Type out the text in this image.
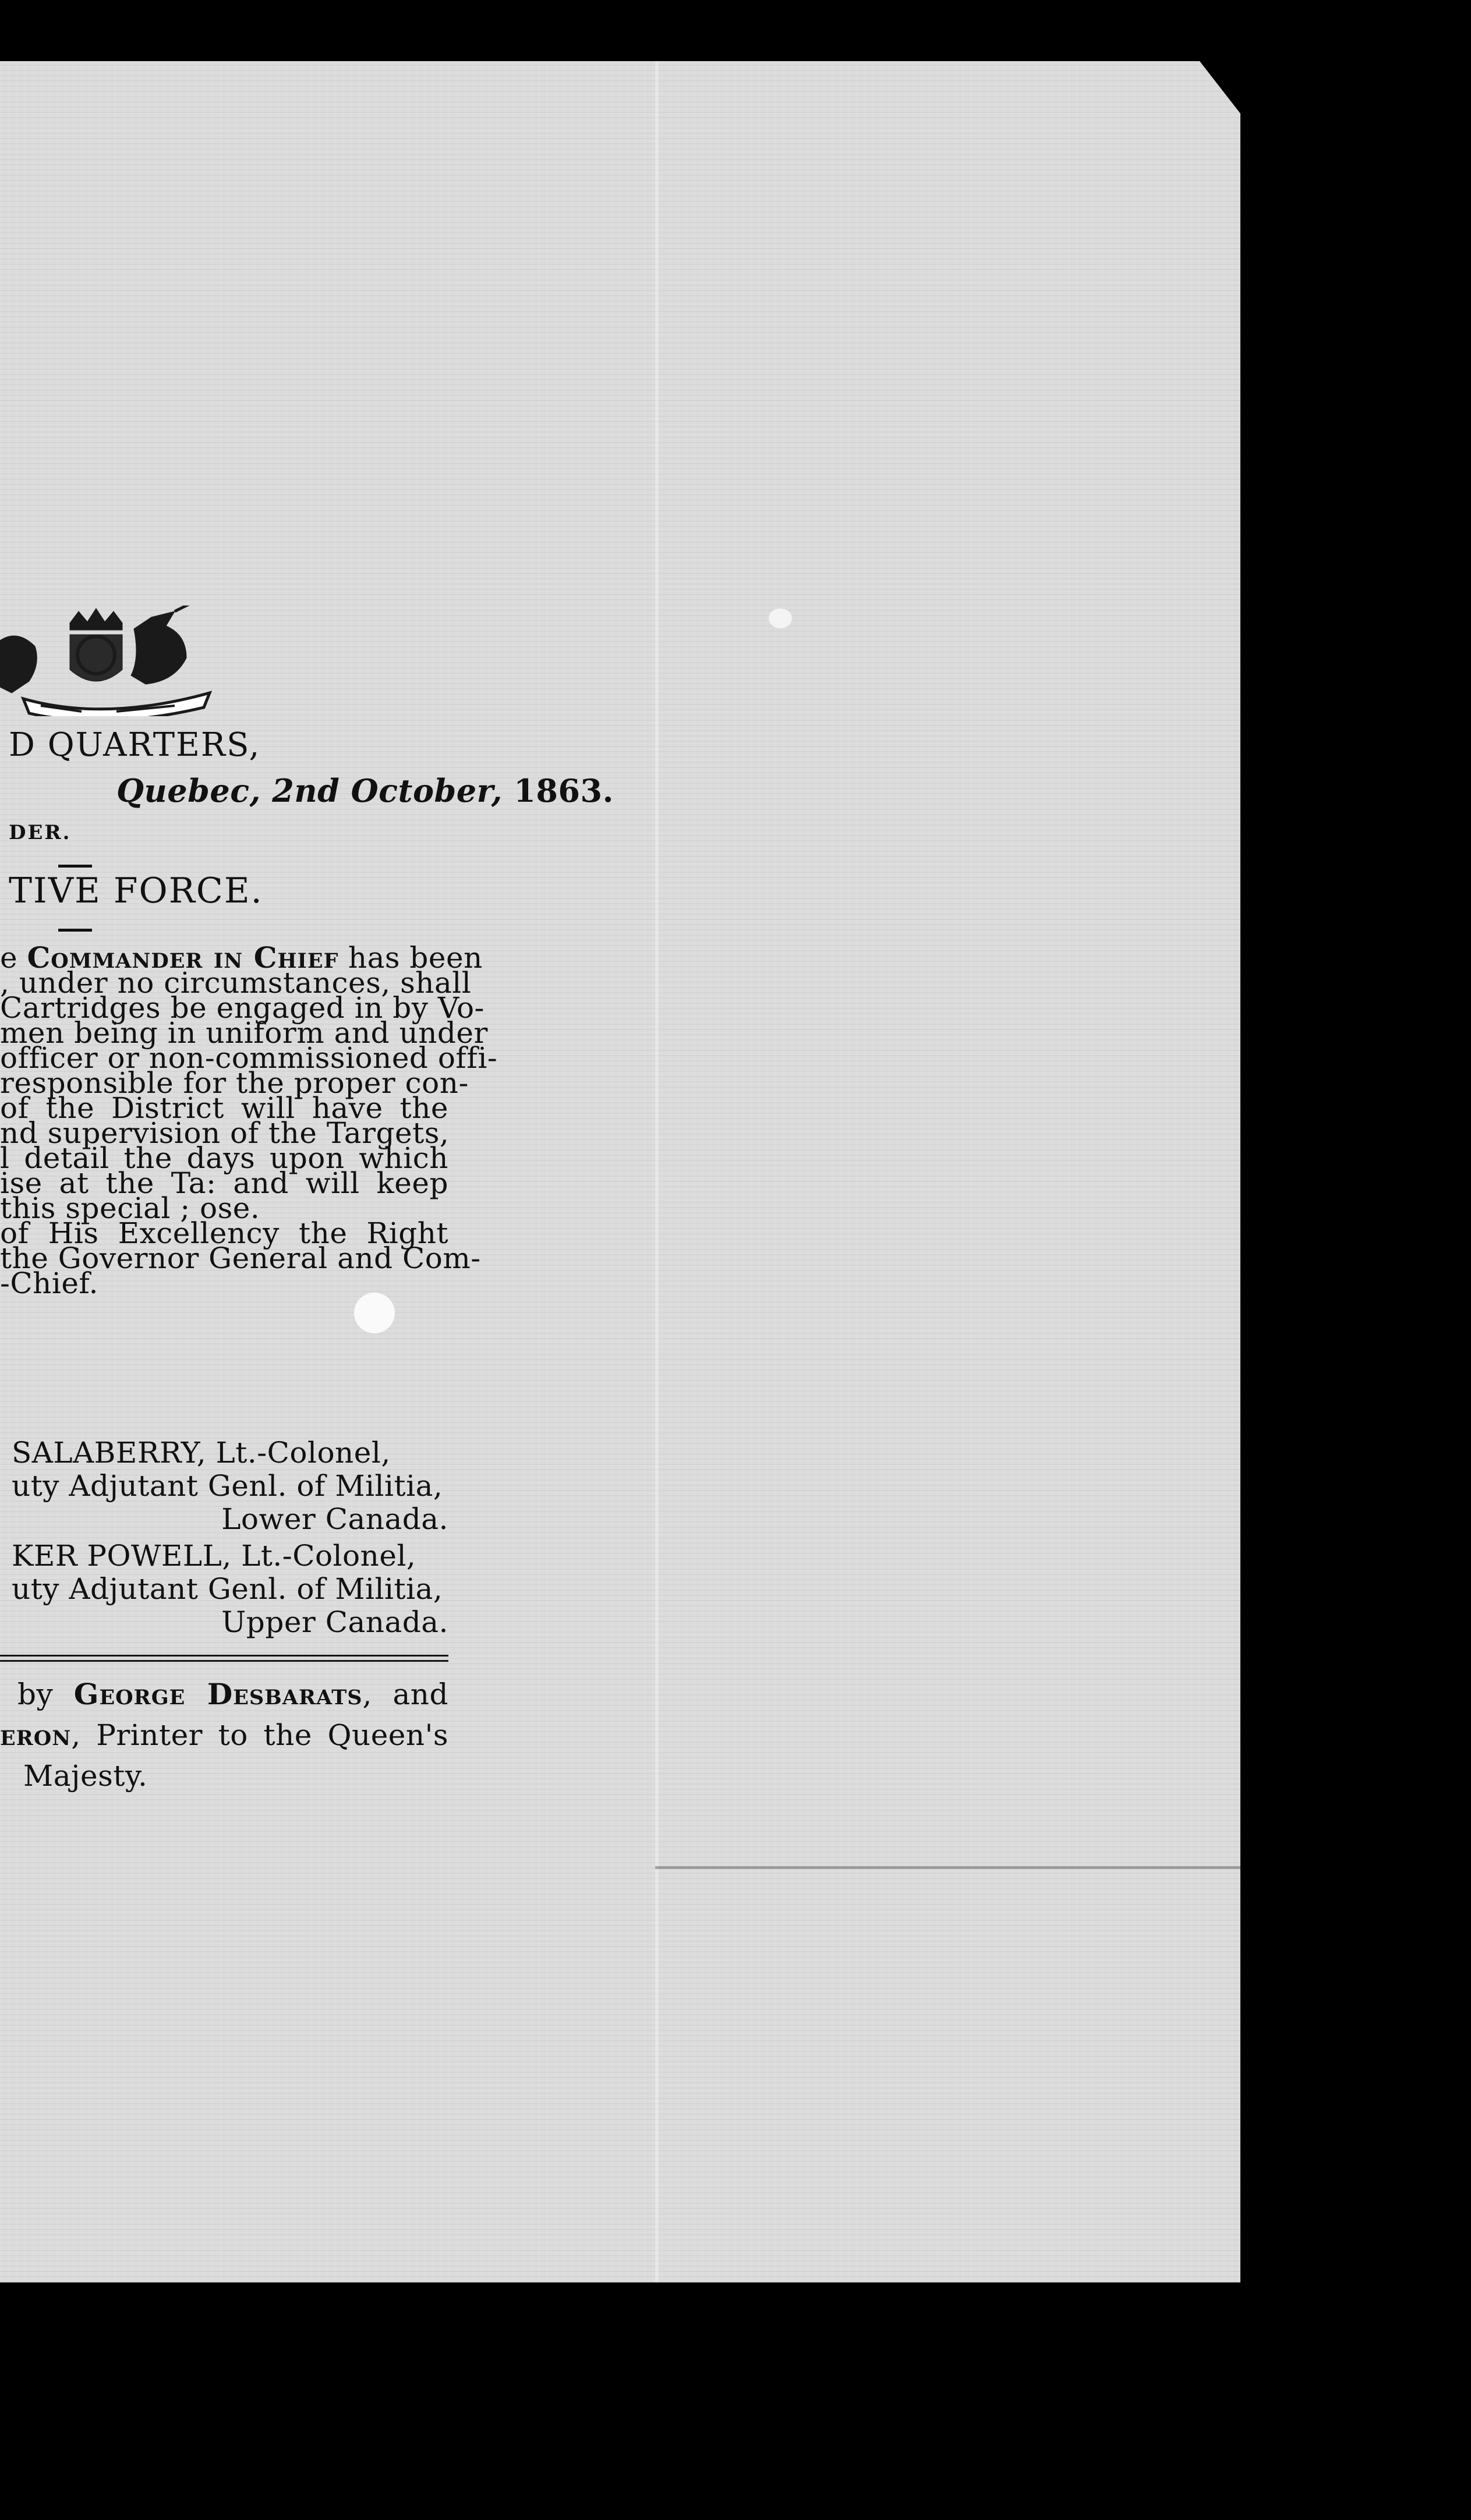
D QUARTERS,

Quebec, 2nd October, 1863.

DER.

TIVE FORCE.

e Commander in Chief has been

, under no circumstances, shall

Cartridges be engaged in by Vo-

men being in uniform and under

officer or non-commissioned offi-

responsible for the proper con-

of the District will have the

nd supervision of the Targets,

l detail the days upon which

ise at the Ta: and will keep

this special ; ose.

of His Excellency the Right

the Governor General and Com-

-Chief.

SALABERRY, Lt.-Colonel,

uty Adjutant Genl. of Militia,

Lower Canada.

KER POWELL, Lt.-Colonel,

uty Adjutant Genl. of Militia,

Upper Canada.

by George Desbarats, and

eron, Printer to the Queen's

Majesty.
